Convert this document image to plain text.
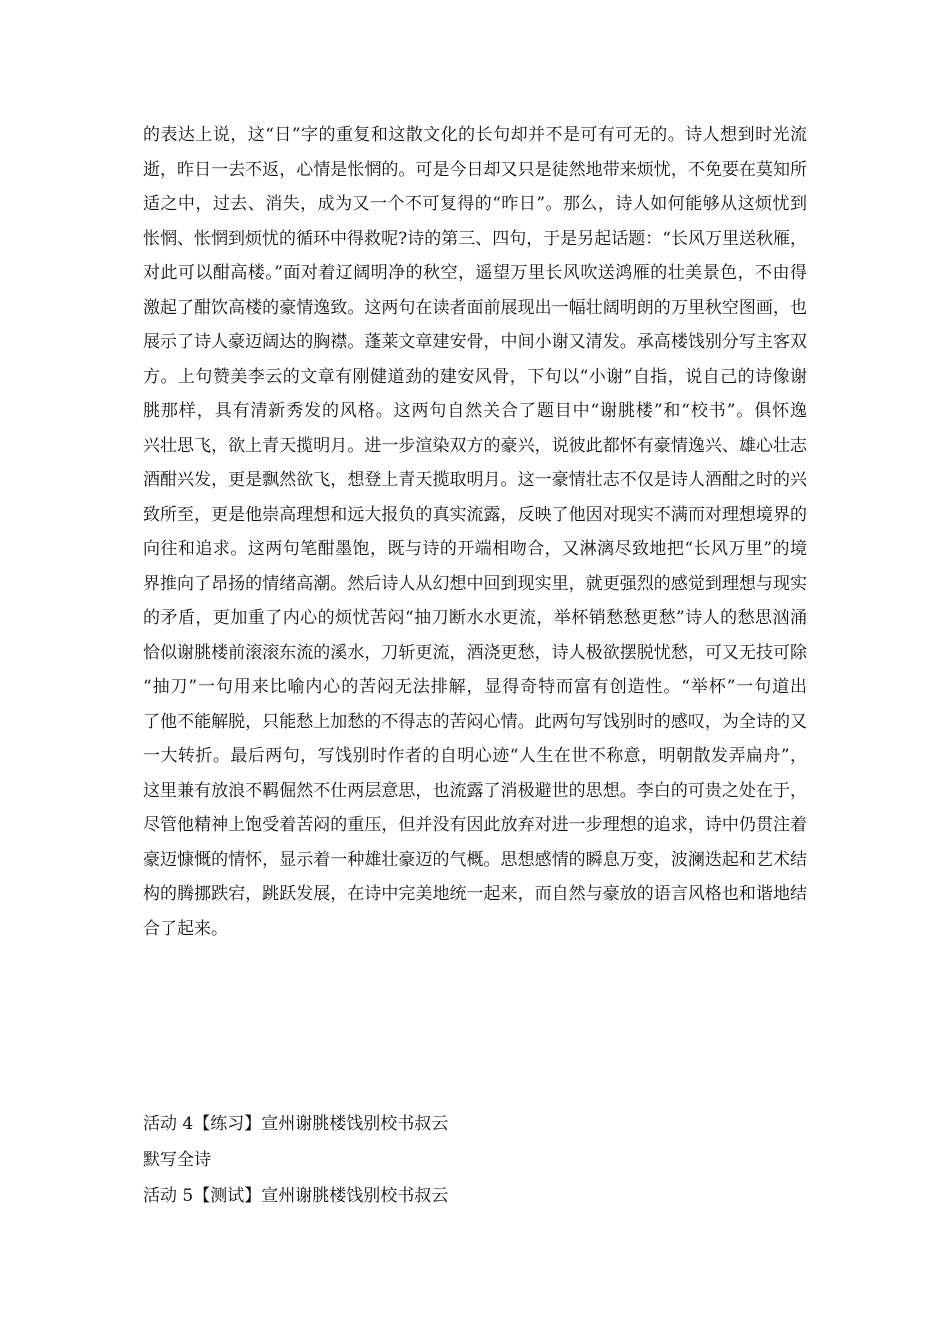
的表达上说，这“日”字的重复和这散文化的长句却并不是可有可无的。诗人想到时光流
逝，昨日一去不返，心情是怅惘的。可是今日却又只是徒然地带来烦忧，不免要在莫知所
适之中，过去、消失，成为又一个不可复得的“昨日”。那么，诗人如何能够从这烦忧到
怅惘、怅惘到烦忧的循环中得救呢?诗的第三、四句，于是另起话题：“长风万里送秋雁，
对此可以酣高楼。”面对着辽阔明净的秋空，遥望万里长风吹送鸿雁的壮美景色，不由得
激起了酣饮高楼的豪情逸致。这两句在读者面前展现出一幅壮阔明朗的万里秋空图画，也
展示了诗人豪迈阔达的胸襟。蓬莱文章建安骨，中间小谢又清发。承高楼饯别分写主客双
方。上句赞美李云的文章有刚健道劲的建安风骨，下句以“小谢”自指，说自己的诗像谢
朓那样，具有清新秀发的风格。这两句自然关合了题目中“谢朓楼”和“校书”。俱怀逸
兴壮思飞，欲上青天揽明月。进一步渲染双方的豪兴，说彼此都怀有豪情逸兴、雄心壮志
酒酣兴发，更是飘然欲飞，想登上青天揽取明月。这一豪情壮志不仅是诗人酒酣之时的兴
致所至，更是他崇高理想和远大报负的真实流露，反映了他因对现实不满而对理想境界的
向往和追求。这两句笔酣墨饱，既与诗的开端相吻合，又淋漓尽致地把“长风万里”的境
界推向了昂扬的情绪高潮。然后诗人从幻想中回到现实里，就更强烈的感觉到理想与现实
的矛盾，更加重了内心的烦忧苦闷“抽刀断水水更流，举杯销愁愁更愁”诗人的愁思汹涌
恰似谢朓楼前滚滚东流的溪水，刀斩更流，酒浇更愁，诗人极欲摆脱忧愁，可又无技可除
“抽刀”一句用来比喻内心的苦闷无法排解，显得奇特而富有创造性。“举杯”一句道出
了他不能解脱，只能愁上加愁的不得志的苦闷心情。此两句写饯别时的感叹，为全诗的又
一大转折。最后两句，写饯别时作者的自明心迹“人生在世不称意，明朝散发弄扁舟”，
这里兼有放浪不羁倔然不仕两层意思，也流露了消极避世的思想。李白的可贵之处在于，
尽管他精神上饱受着苦闷的重压，但并没有因此放弃对进一步理想的追求，诗中仍贯注着
豪迈慷慨的情怀，显示着一种雄壮豪迈的气概。思想感情的瞬息万变，波澜迭起和艺术结
构的腾挪跌宕，跳跃发展，在诗中完美地统一起来，而自然与豪放的语言风格也和谐地结
合了起来。
活动 4【练习】宣州谢朓楼饯别校书叔云
默写全诗
活动 5【测试】宣州谢朓楼饯别校书叔云
